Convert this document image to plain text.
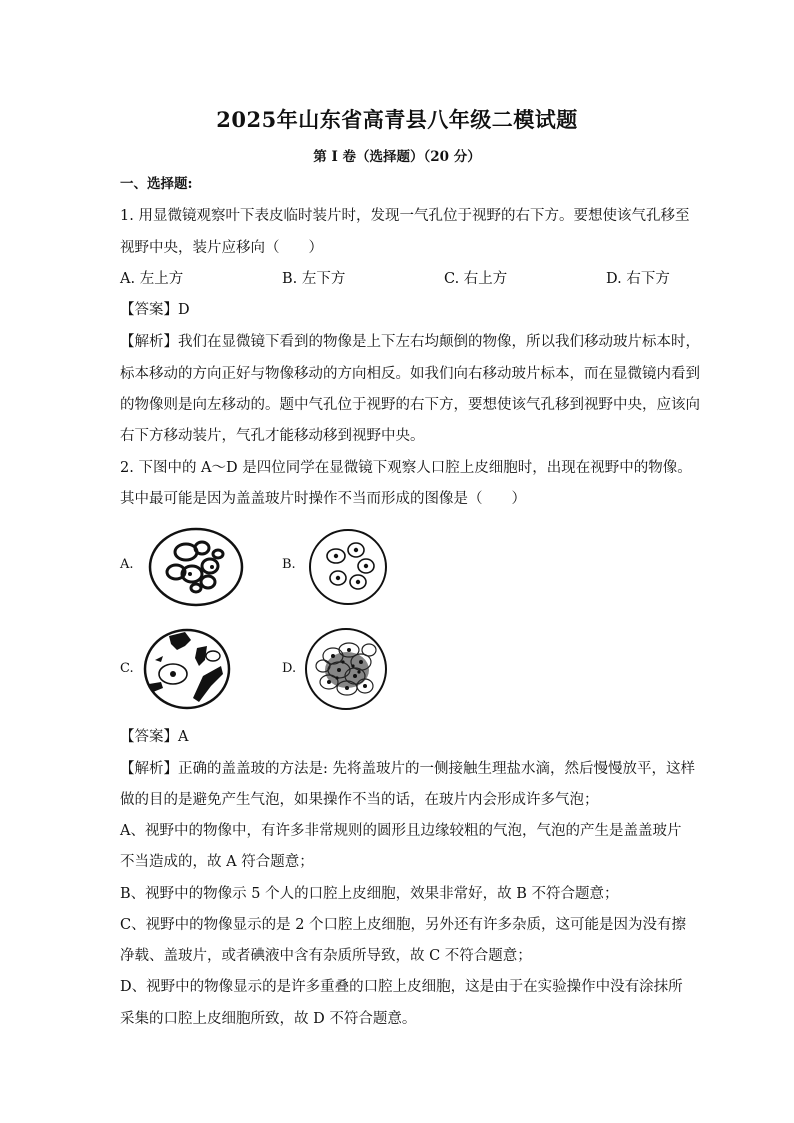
2025年山东省高青县八年级二模试题
第 I 卷（选择题）（20 分）
一、选择题:
1. 用显微镜观察叶下表皮临时装片时，发现一气孔位于视野的右下方。要想使该气孔移至
视野中央，装片应移向（　　）
A. 左上方	B. 左下方	C. 右上方	D. 右下方
【答案】D
【解析】我们在显微镜下看到的物像是上下左右均颠倒的物像，所以我们移动玻片标本时，
标本移动的方向正好与物像移动的方向相反。如我们向右移动玻片标本，而在显微镜内看到
的物像则是向左移动的。题中气孔位于视野的右下方，要想使该气孔移到视野中央，应该向
右下方移动装片，气孔才能移动移到视野中央。
2. 下图中的 A～D 是四位同学在显微镜下观察人口腔上皮细胞时，出现在视野中的物像。
其中最可能是因为盖盖玻片时操作不当而形成的图像是（　　）
A.	B.
C.	D.
【答案】A
【解析】正确的盖盖玻的方法是: 先将盖玻片的一侧接触生理盐水滴，然后慢慢放平，这样
做的目的是避免产生气泡，如果操作不当的话，在玻片内会形成许多气泡；
A、视野中的物像中，有许多非常规则的圆形且边缘较粗的气泡，气泡的产生是盖盖玻片
不当造成的，故 A 符合题意；
B、视野中的物像示 5 个人的口腔上皮细胞，效果非常好，故 B 不符合题意；
C、视野中的物像显示的是 2 个口腔上皮细胞，另外还有许多杂质，这可能是因为没有擦
净载、盖玻片，或者碘液中含有杂质所导致，故 C 不符合题意；
D、视野中的物像显示的是许多重叠的口腔上皮细胞，这是由于在实验操作中没有涂抹所
采集的口腔上皮细胞所致，故 D 不符合题意。
